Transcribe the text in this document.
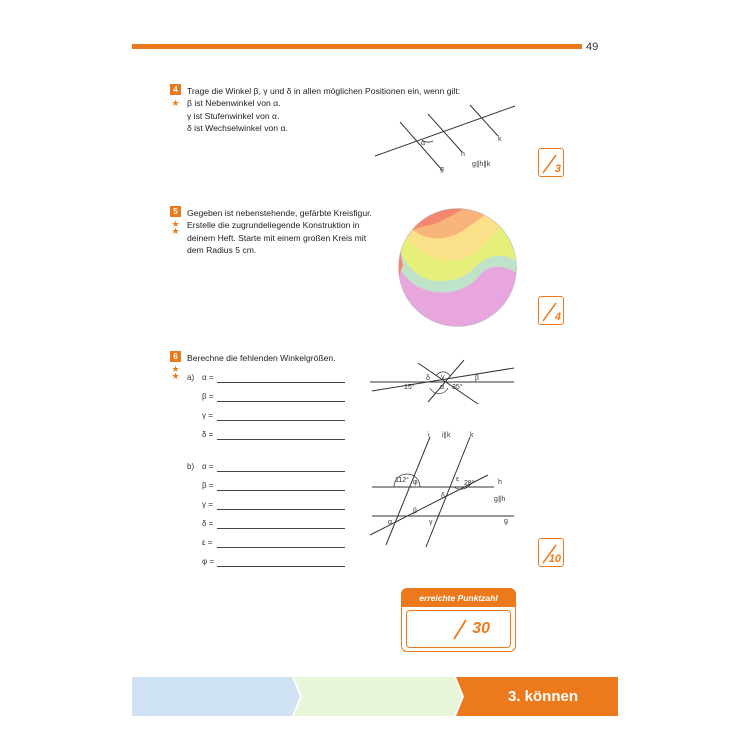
49
4
★
Trage die Winkel β, γ und δ in allen möglichen Positionen ein, wenn gilt:
β ist Nebenwinkel von α.
γ ist Stufenwinkel von α.
δ ist Wechselwinkel von α.
α
g
h
k
g∥h∥k	3
5
★ ★
Gegeben ist nebenstehende, gefärbte Kreisfigur.
Erstelle die zugrundeliegende Konstruktion in
deinem Heft. Starte mit einem großen Kreis mit
dem Radius 5 cm.
4
6
★ ★
Berechne die fehlenden Winkelgrößen.
a) α =
β =
γ =
δ =
δ γ	β
α
15°	35°
b) α =
β =
γ =
δ =
ε =
φ =
i i∥k	k
112° φ	ε
28°	h
g∥h
δ
α
β
γ	g
10
erreichte Punktzahl
30
3. können
